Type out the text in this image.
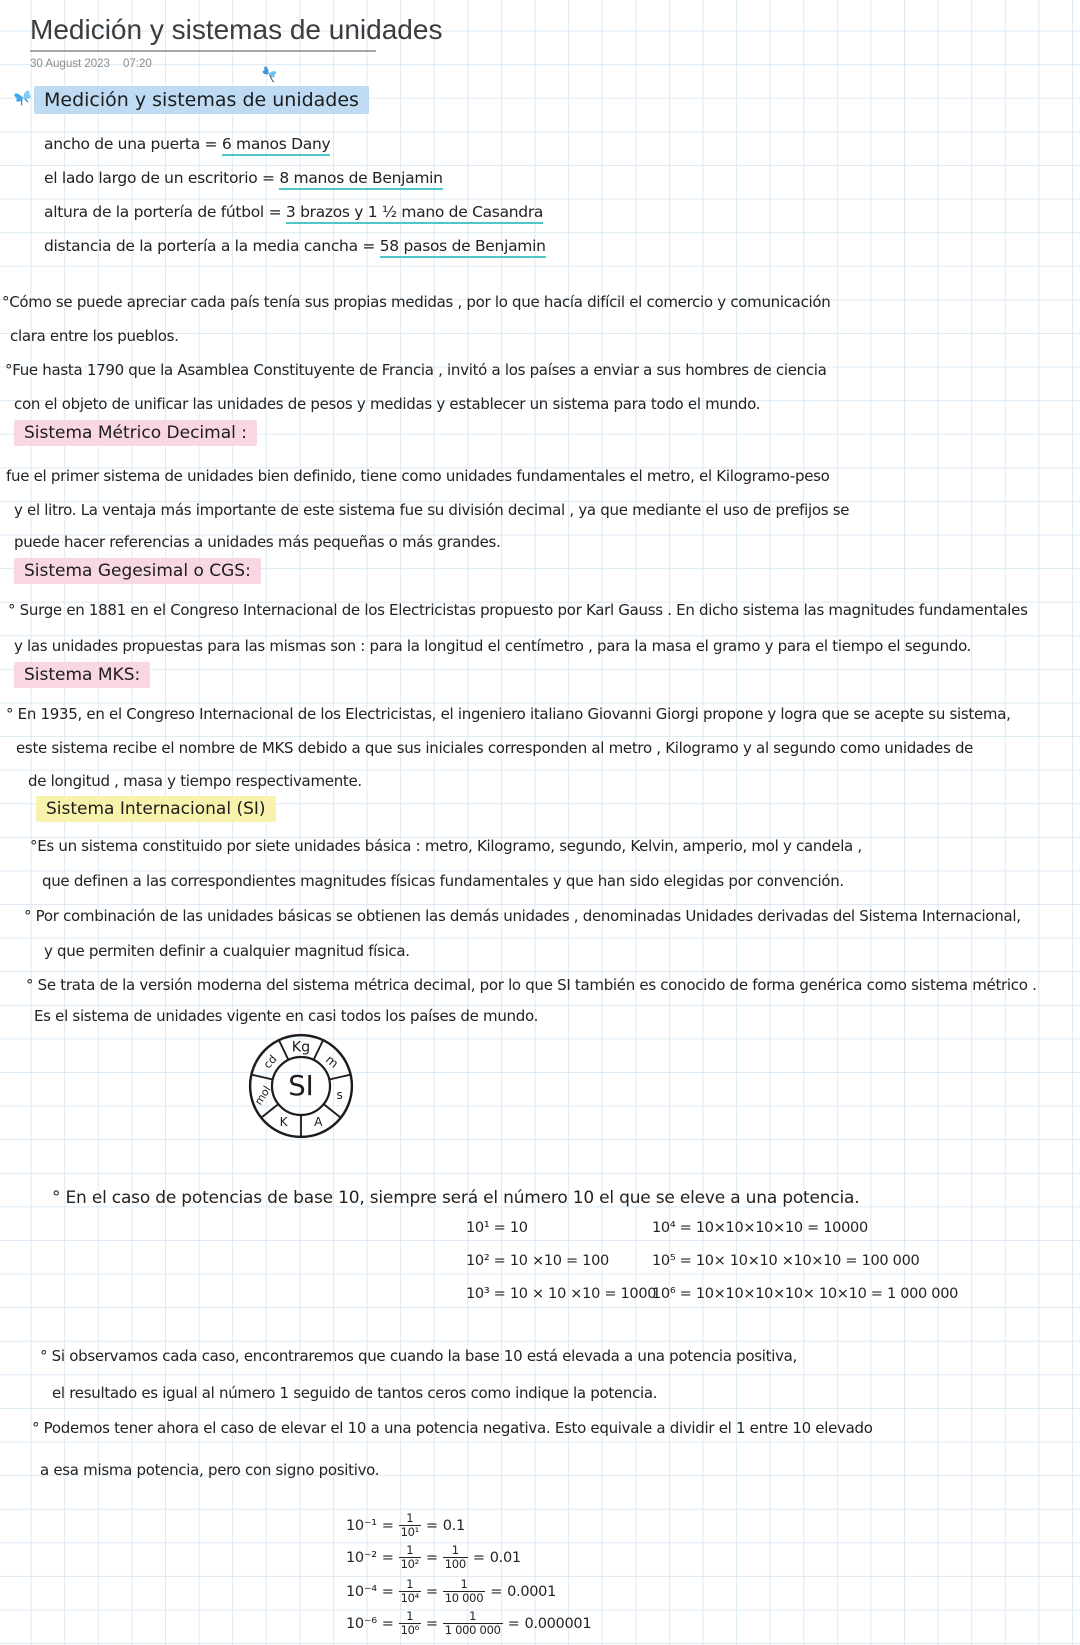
Medición y sistemas de unidades
30 August 2023 07:20
Medición y sistemas de unidades
ancho de una puerta = 6 manos Dany
el lado largo de un escritorio = 8 manos de Benjamin
altura de la portería de fútbol = 3 brazos y 1 ½ mano de Casandra
distancia de la portería a la media cancha = 58 pasos de Benjamin
°Cómo se puede apreciar cada país tenía sus propias medidas , por lo que hacía difícil el comercio y comunicación
clara entre los pueblos.
°Fue hasta 1790 que la Asamblea Constituyente de Francia , invitó a los países a enviar a sus hombres de ciencia
con el objeto de unificar las unidades de pesos y medidas y establecer un sistema para todo el mundo.
Sistema Métrico Decimal :
fue el primer sistema de unidades bien definido, tiene como unidades fundamentales el metro, el Kilogramo-peso
y el litro. La ventaja más importante de este sistema fue su división decimal , ya que mediante el uso de prefijos se
puede hacer referencias a unidades más pequeñas o más grandes.
Sistema Gegesimal o CGS:
° Surge en 1881 en el Congreso Internacional de los Electricistas propuesto por Karl Gauss . En dicho sistema las magnitudes fundamentales
y las unidades propuestas para las mismas son : para la longitud el centímetro , para la masa el gramo y para el tiempo el segundo.
Sistema MKS:
° En 1935, en el Congreso Internacional de los Electricistas, el ingeniero italiano Giovanni Giorgi propone y logra que se acepte su sistema,
este sistema recibe el nombre de MKS debido a que sus iniciales corresponden al metro , Kilogramo y al segundo como unidades de
de longitud , masa y tiempo respectivamente.
Sistema Internacional (SI)
°Es un sistema constituido por siete unidades básica : metro, Kilogramo, segundo, Kelvin, amperio, mol y candela ,
que definen a las correspondientes magnitudes físicas fundamentales y que han sido elegidas por convención.
° Por combinación de las unidades básicas se obtienen las demás unidades , denominadas Unidades derivadas del Sistema Internacional,
y que permiten definir a cualquier magnitud física.
° Se trata de la versión moderna del sistema métrica decimal, por lo que SI también es conocido de forma genérica como sistema métrico .
Es el sistema de unidades vigente en casi todos los países de mundo.
Kg
m
s
A
K
mol
cd
SI
° En el caso de potencias de base 10, siempre será el número 10 el que se eleve a una potencia.
10¹ = 10
10² = 10 ×10 = 100
10³ = 10 × 10 ×10 = 1000
10⁴ = 10×10×10×10 = 10000
10⁵ = 10× 10×10 ×10×10 = 100 000
10⁶ = 10×10×10×10× 10×10 = 1 000 000
° Si observamos cada caso, encontraremos que cuando la base 10 está elevada a una potencia positiva,
el resultado es igual al número 1 seguido de tantos ceros como indique la potencia.
° Podemos tener ahora el caso de elevar el 10 a una potencia negativa. Esto equivale a dividir el 1 entre 10 elevado
a esa misma potencia, pero con signo positivo.
$10^{-1} = \frac{1}{\text{10¹}} = 0.1$
$10^{-2} = \frac{1}{\text{10²}} = \frac{1}{100} = 0.01$
$10^{-4} = \frac{1}{\text{10⁴}} = \frac{1}{10 000} = 0.0001$
$10^{-6} = \frac{1}{\text{10⁶}} = \frac{1}{1 000 000} = 0.000001$
